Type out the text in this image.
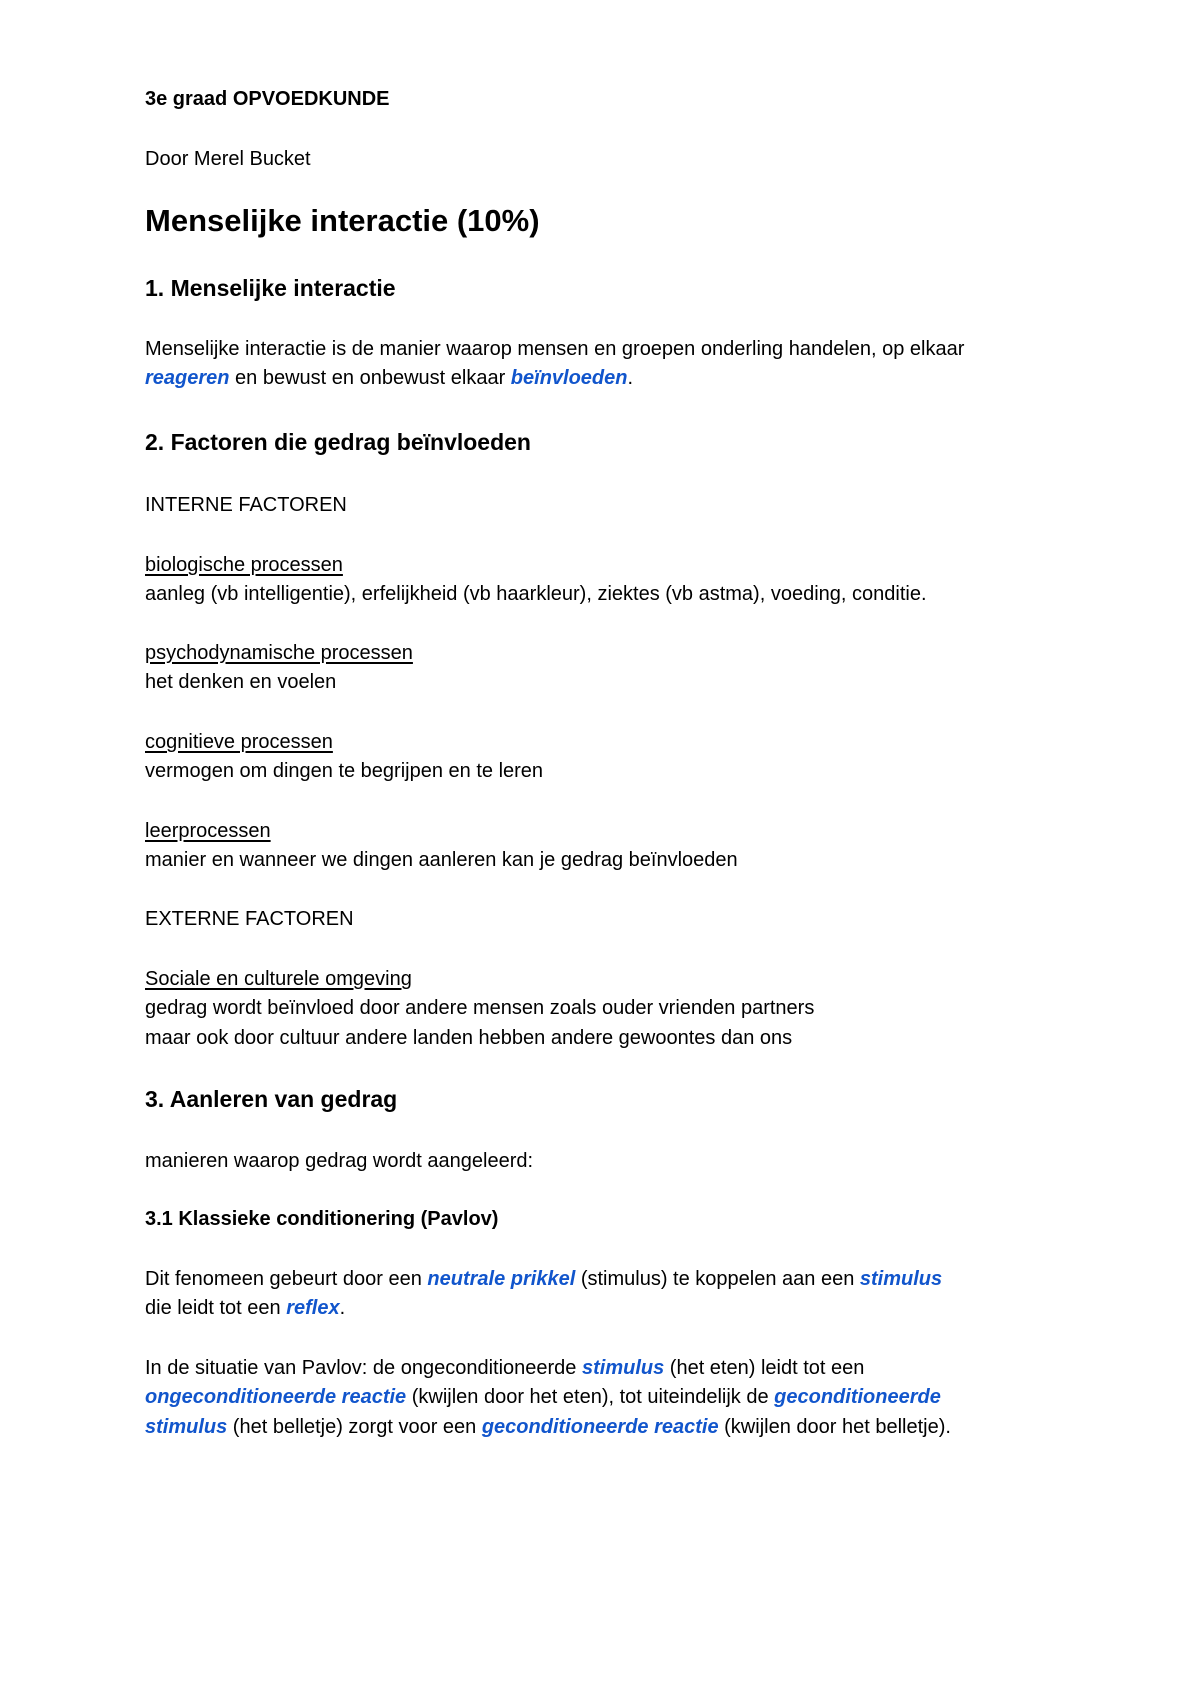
3e graad OPVOEDKUNDE
Door Merel Bucket
Menselijke interactie (10%)
1. Menselijke interactie
Menselijke interactie is de manier waarop mensen en groepen onderling handelen, op elkaar
reageren en bewust en onbewust elkaar beïnvloeden.
2. Factoren die gedrag beïnvloeden
INTERNE FACTOREN
biologische processen
aanleg (vb intelligentie), erfelijkheid (vb haarkleur), ziektes (vb astma), voeding, conditie.
psychodynamische processen
het denken en voelen
cognitieve processen
vermogen om dingen te begrijpen en te leren
leerprocessen
manier en wanneer we dingen aanleren kan je gedrag beïnvloeden
EXTERNE FACTOREN
Sociale en culturele omgeving
gedrag wordt beïnvloed door andere mensen zoals ouder vrienden partners
maar ook door cultuur andere landen hebben andere gewoontes dan ons
3. Aanleren van gedrag
manieren waarop gedrag wordt aangeleerd:
3.1 Klassieke conditionering (Pavlov)
Dit fenomeen gebeurt door een neutrale prikkel (stimulus) te koppelen aan een stimulus
die leidt tot een reflex.
In de situatie van Pavlov: de ongeconditioneerde stimulus (het eten) leidt tot een
ongeconditioneerde reactie (kwijlen door het eten), tot uiteindelijk de geconditioneerde
stimulus (het belletje) zorgt voor een geconditioneerde reactie (kwijlen door het belletje).
